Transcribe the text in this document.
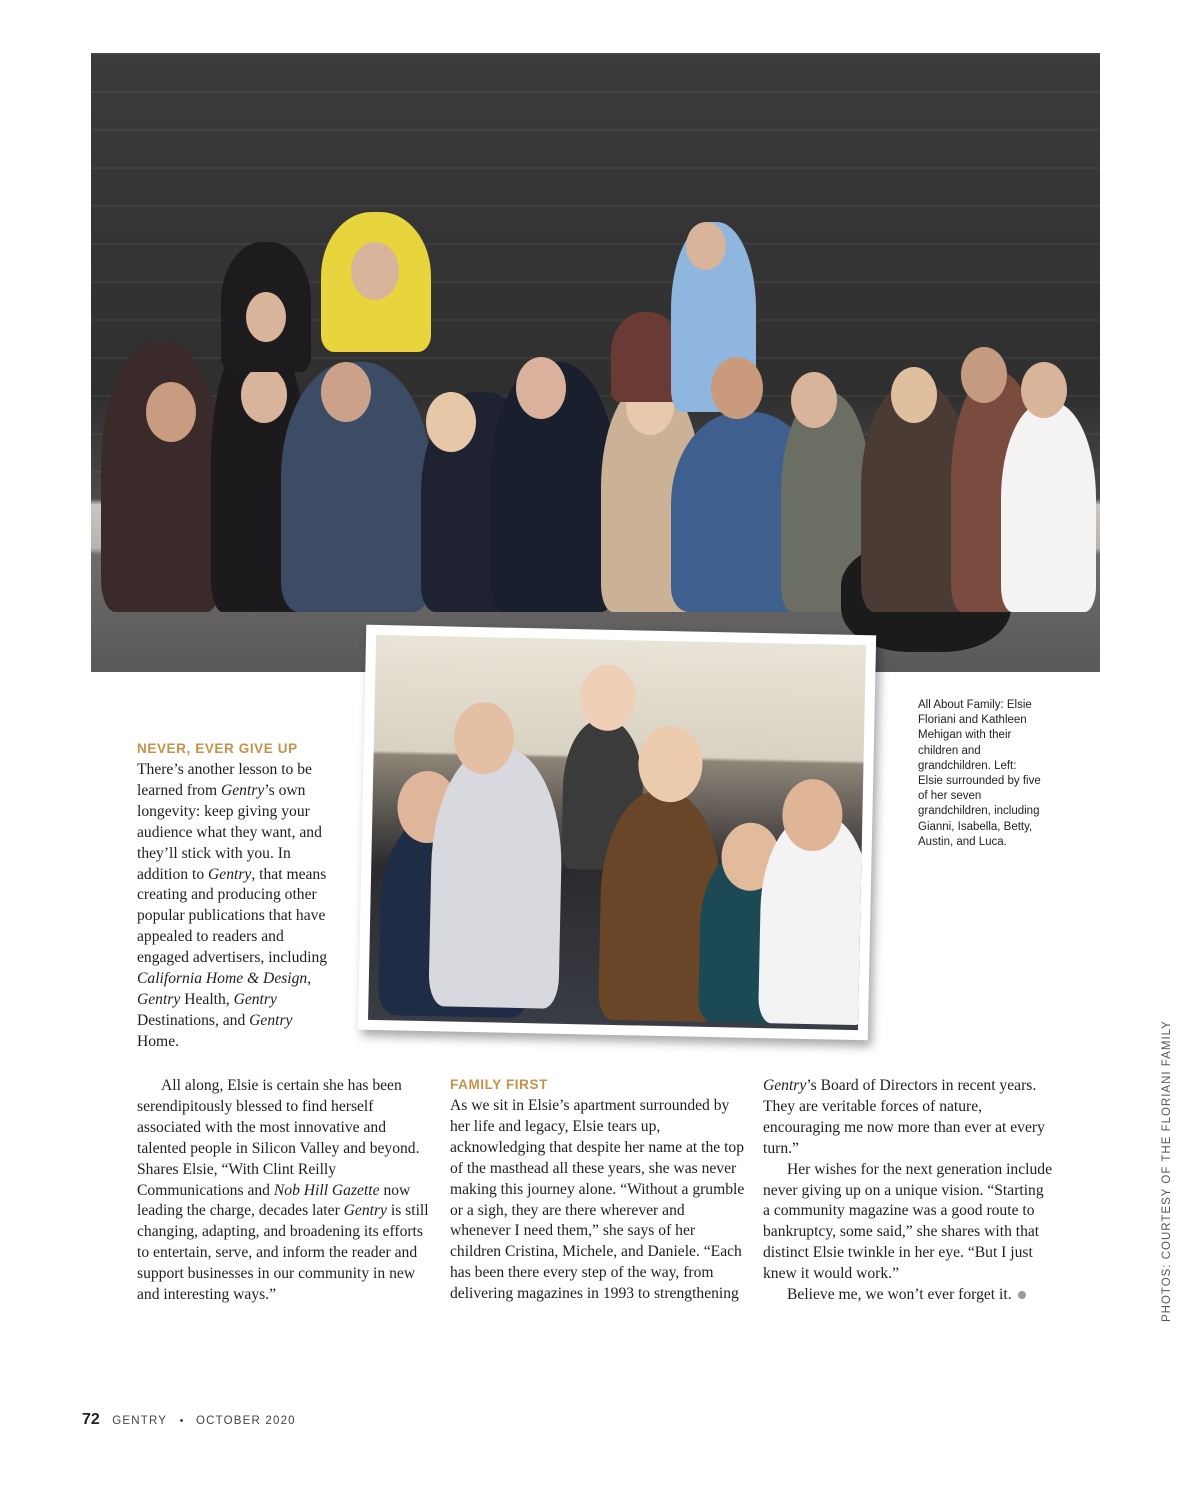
All About Family: Elsie Floriani and Kathleen Mehigan with their children and grandchildren. Left: Elsie surrounded by five of her seven grandchildren, including Gianni, Isabella, Betty, Austin, and Luca.
NEVER, EVER GIVE UP

There’s another lesson to be learned from Gentry’s own longevity: keep giving your audience what they want, and they’ll stick with you. In addition to Gentry, that means creating and producing other popular publications that have appealed to readers and engaged advertisers, including California Home & Design, Gentry Health, Gentry Destinations, and Gentry Home.

All along, Elsie is certain she has been serendipitously blessed to find herself associated with the most innovative and talented people in Silicon Valley and beyond. Shares Elsie, “With Clint Reilly Communications and Nob Hill Gazette now leading the charge, decades later Gentry is still changing, adapting, and broadening its efforts to entertain, serve, and inform the reader and support businesses in our community in new and interesting ways.”

FAMILY FIRST

As we sit in Elsie’s apartment surrounded by her life and legacy, Elsie tears up, acknowledging that despite her name at the top of the masthead all these years, she was never making this journey alone. “Without a grumble or a sigh, they are there wherever and whenever I need them,” she says of her children Cristina, Michele, and Daniele. “Each has been there every step of the way, from delivering magazines in 1993 to strengthening

Gentry’s Board of Directors in recent years. They are veritable forces of nature, encouraging me now more than ever at every turn.”

Her wishes for the next generation include never giving up on a unique vision. “Starting a community magazine was a good route to bankruptcy, some said,” she shares with that distinct Elsie twinkle in her eye. “But I just knew it would work.”

Believe me, we won’t ever forget it.	PHOTOS: COURTESY OF THE FLORIANI FAMILY
72 GENTRY • OCTOBER 2020
